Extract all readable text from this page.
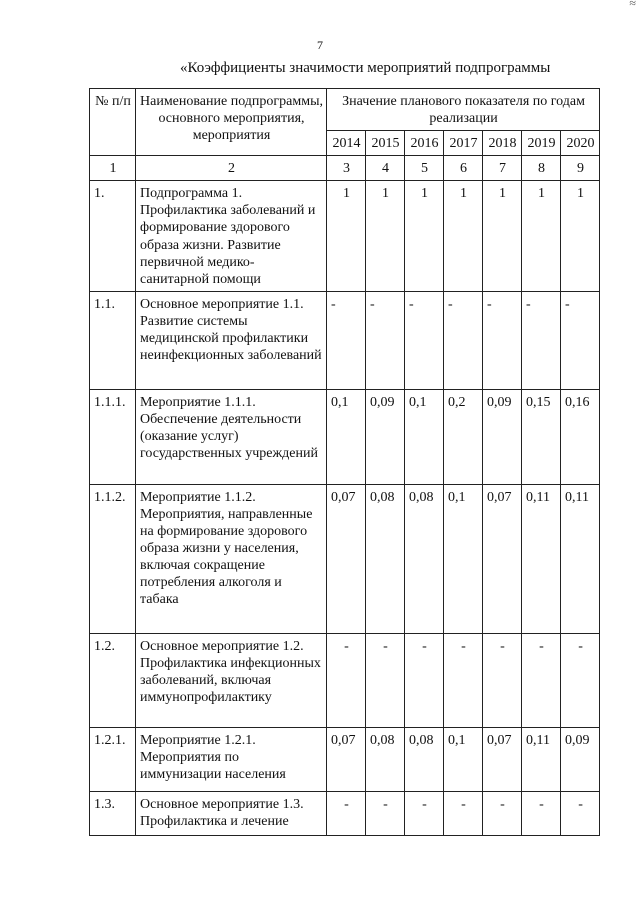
≈
7
«Коэффициенты значимости мероприятий подпрограммы
№ п/п	Наименование подпрограммы, основного мероприятия, мероприятия	Значение планового показателя по годам реализации						
		2014	2015	2016	2017	2018	2019	2020
1	2	3	4	5	6	7	8	9
1.	Подпрограмма 1. Профилактика заболеваний и формирование здорового образа жизни. Развитие первичной медико-санитарной помощи	1	1	1	1	1	1	1
1.1.	Основное мероприятие 1.1. Развитие системы медицинской профилактики неинфекционных заболеваний	-	-	-	-	-	-	-
1.1.1.	Мероприятие 1.1.1. Обеспечение деятельности (оказание услуг) государственных учреждений	0,1	0,09	0,1	0,2	0,09	0,15	0,16
1.1.2.	Мероприятие 1.1.2. Мероприятия, направленные на формирование здорового образа жизни у населения, включая сокращение потребления алкоголя и табака	0,07	0,08	0,08	0,1	0,07	0,11	0,11
1.2.	Основное мероприятие 1.2. Профилактика инфекционных заболеваний, включая иммунопрофилактику	-	-	-	-	-	-	-
1.2.1.	Мероприятие 1.2.1. Мероприятия по иммунизации населения	0,07	0,08	0,08	0,1	0,07	0,11	0,09
1.3.	Основное мероприятие 1.3. Профилактика и лечение	-	-	-	-	-	-	-
